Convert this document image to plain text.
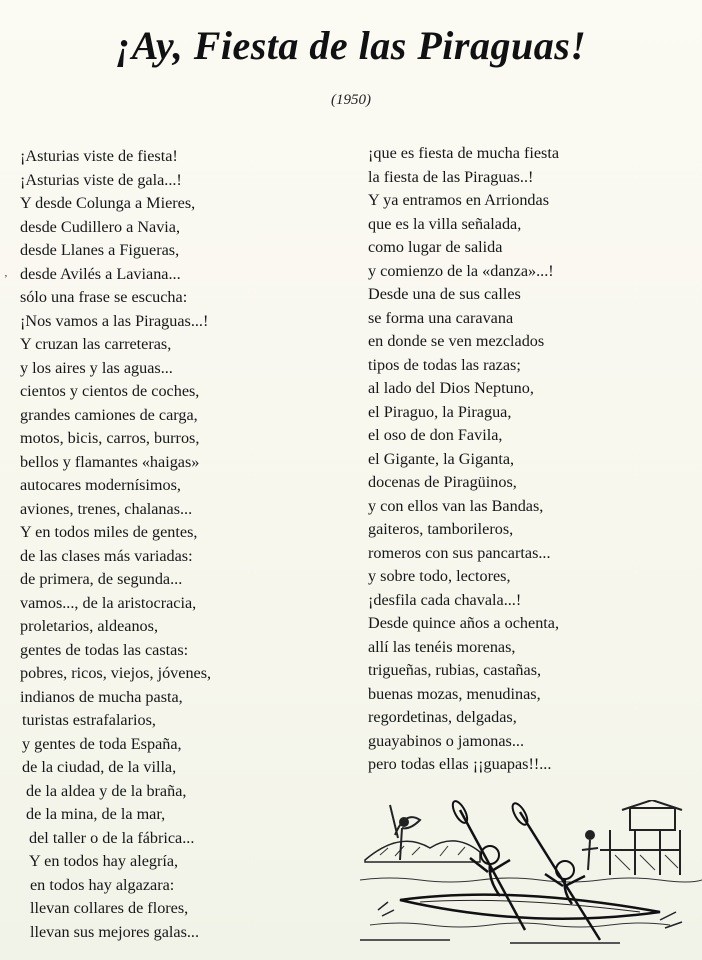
¡Ay, Fiesta de las Piraguas!
(1950)
ʼ
¡Asturias viste de fiesta!
¡Asturias viste de gala...!
Y desde Colunga a Mieres,
desde Cudillero a Navia,
desde Llanes a Figueras,
desde Avilés a Laviana...
sólo una frase se escucha:
¡Nos vamos a las Piraguas...!
Y cruzan las carreteras,
y los aires y las aguas...
cientos y cientos de coches,
grandes camiones de carga,
motos, bicis, carros, burros,
bellos y flamantes «haigas»
autocares modernísimos,
aviones, trenes, chalanas...
Y en todos miles de gentes,
de las clases más variadas:
de primera, de segunda...
vamos..., de la aristocracia,
proletarios, aldeanos,
gentes de todas las castas:
pobres, ricos, viejos, jóvenes,
indianos de mucha pasta,
turistas estrafalarios,
y gentes de toda España,
de la ciudad, de la villa,
de la aldea y de la braña,
de la mina, de la mar,
del taller o de la fábrica...
Y en todos hay alegría,
en todos hay algazara:
llevan collares de flores,
llevan sus mejores galas...
¡que es fiesta de mucha fiesta
la fiesta de las Piraguas..!
Y ya entramos en Arriondas
que es la villa señalada,
como lugar de salida
y comienzo de la «danza»...!
Desde una de sus calles
se forma una caravana
en donde se ven mezclados
tipos de todas las razas;
al lado del Dios Neptuno,
el Piraguo, la Piragua,
el oso de don Favila,
el Gigante, la Giganta,
docenas de Piragüinos,
y con ellos van las Bandas,
gaiteros, tamborileros,
romeros con sus pancartas...
y sobre todo, lectores,
¡desfila cada chavala...!
Desde quince años a ochenta,
allí las tenéis morenas,
trigueñas, rubias, castañas,
buenas mozas, menudinas,
regordetinas, delgadas,
guayabinos o jamonas...
pero todas ellas ¡¡guapas!!...
